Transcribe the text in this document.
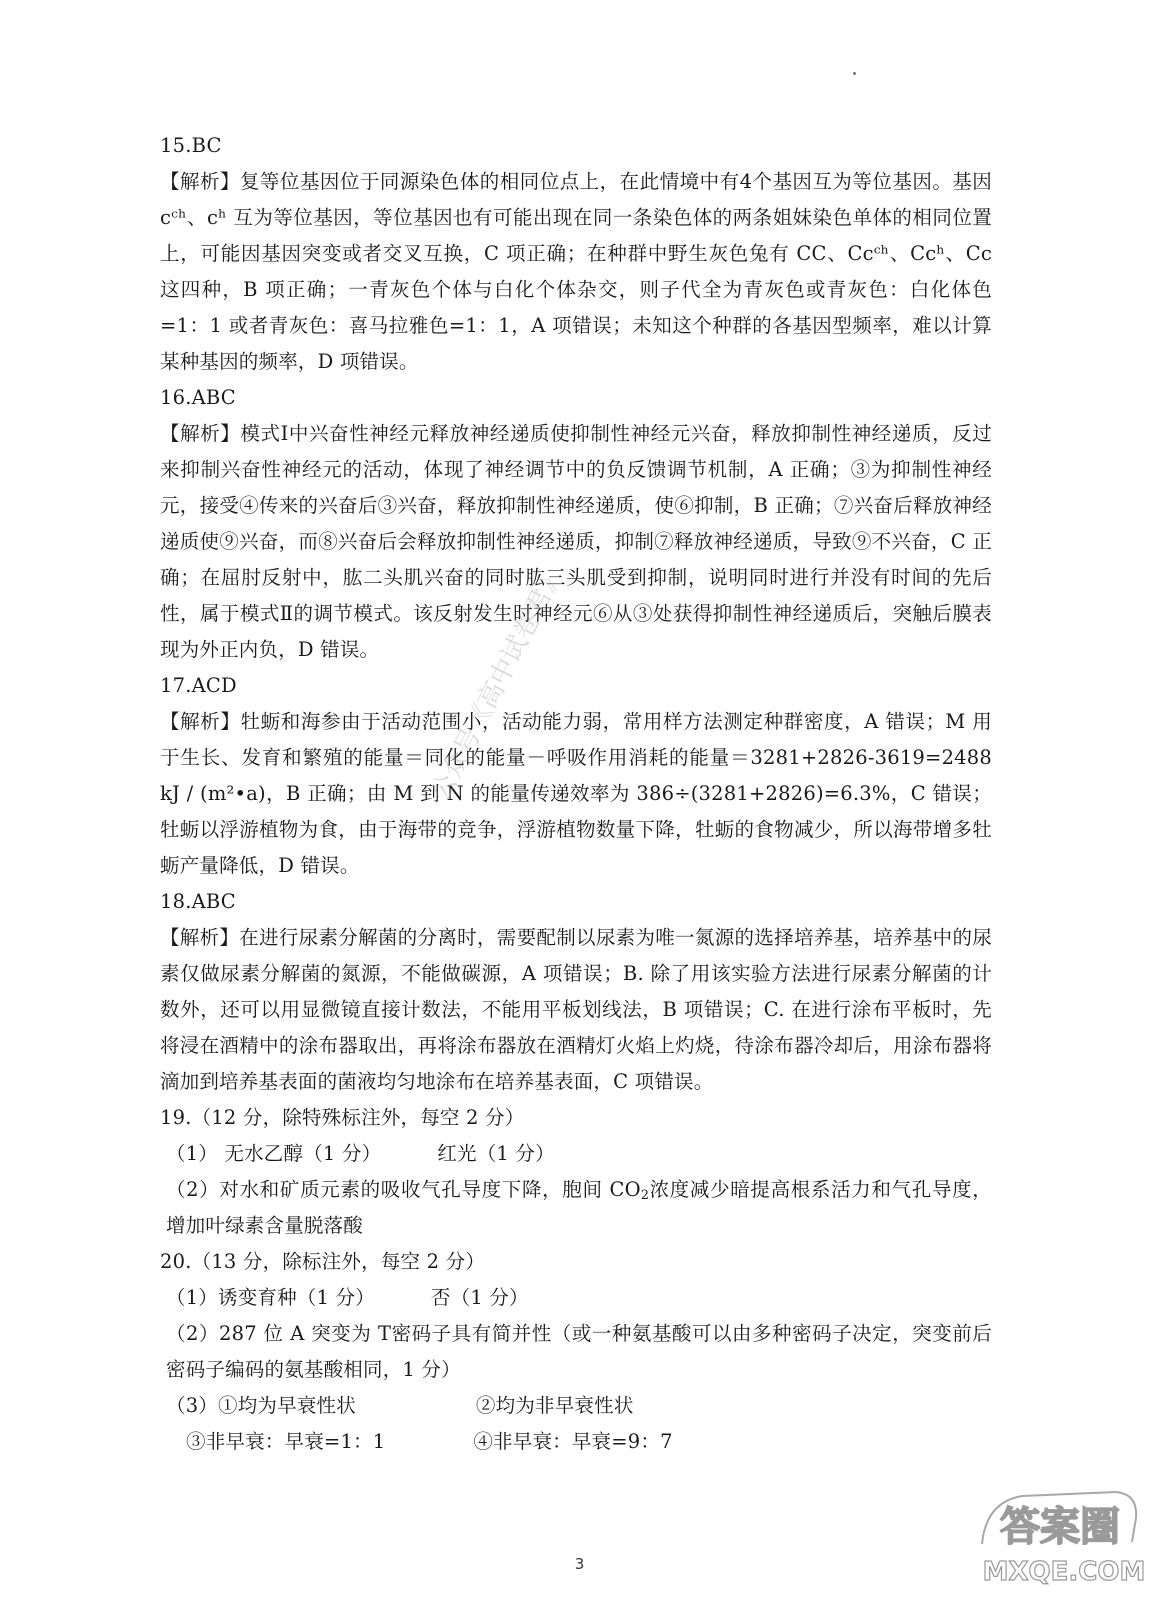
15.BC

【解析】复等位基因位于同源染色体的相同位点上，在此情境中有4个基因互为等位基因。基因 cᶜʰ、cʰ 互为等位基因，等位基因也有可能出现在同一条染色体的两条姐妹染色单体的相同位置上，可能因基因突变或者交叉互换，C 项正确；在种群中野生灰色兔有 CC、Ccᶜʰ、Ccʰ、Cc 这四种，B 项正确；一青灰色个体与白化个体杂交，则子代全为青灰色或青灰色：白化体色=1：1 或者青灰色：喜马拉雅色=1：1，A 项错误；未知这个种群的各基因型频率，难以计算某种基因的频率，D 项错误。

16.ABC

【解析】模式Ⅰ中兴奋性神经元释放神经递质使抑制性神经元兴奋，释放抑制性神经递质，反过来抑制兴奋性神经元的活动，体现了神经调节中的负反馈调节机制，A 正确；③为抑制性神经元，接受④传来的兴奋后③兴奋，释放抑制性神经递质，使⑥抑制，B 正确；⑦兴奋后释放神经递质使⑨兴奋，而⑧兴奋后会释放抑制性神经递质，抑制⑦释放神经递质，导致⑨不兴奋，C 正确；在屈肘反射中，肱二头肌兴奋的同时肱三头肌受到抑制，说明同时进行并没有时间的先后性，属于模式Ⅱ的调节模式。该反射发生时神经元⑥从③处获得抑制性神经递质后，突触后膜表现为外正内负，D 错误。

17.ACD

【解析】牡蛎和海参由于活动范围小，活动能力弱，常用样方法测定种群密度，A 错误；M 用于生长、发育和繁殖的能量＝同化的能量－呼吸作用消耗的能量＝3281+2826-3619=2488 kJ / (m²•a)，B 正确；由 M 到 N 的能量传递效率为 386÷(3281+2826)=6.3%，C 错误；牡蛎以浮游植物为食，由于海带的竞争，浮游植物数量下降，牡蛎的食物减少，所以海带增多牡蛎产量降低，D 错误。

18.ABC

【解析】在进行尿素分解菌的分离时，需要配制以尿素为唯一氮源的选择培养基，培养基中的尿素仅做尿素分解菌的氮源，不能做碳源，A 项错误；B. 除了用该实验方法进行尿素分解菌的计数外，还可以用显微镜直接计数法，不能用平板划线法，B 项错误；C. 在进行涂布平板时，先将浸在酒精中的涂布器取出，再将涂布器放在酒精灯火焰上灼烧，待涂布器冷却后，用涂布器将滴加到培养基表面的菌液均匀地涂布在培养基表面，C 项错误。

19.（12 分，除特殊标注外，每空 2 分）

（1） 无水乙醇（1 分）	红光（1 分）

（2）对水和矿质元素的吸收气孔导度下降，胞间 $CO_2$浓度减少暗提高根系活力和气孔导度，增加叶绿素含量脱落酸

20.（13 分，除标注外，每空 2 分）

（1）诱变育种（1 分）	否（1 分）

（2）287 位 A 突变为 T密码子具有简并性（或一种氨基酸可以由多种密码子决定，突变前后密码子编码的氨基酸相同，1 分）

（3）①均为早衰性状	②均为非早衰性状

③非早衰：早衰=1：1	④非早衰：早衰=9：7

公众号《高中试卷君》
3
答案圈
MXQE.COM
